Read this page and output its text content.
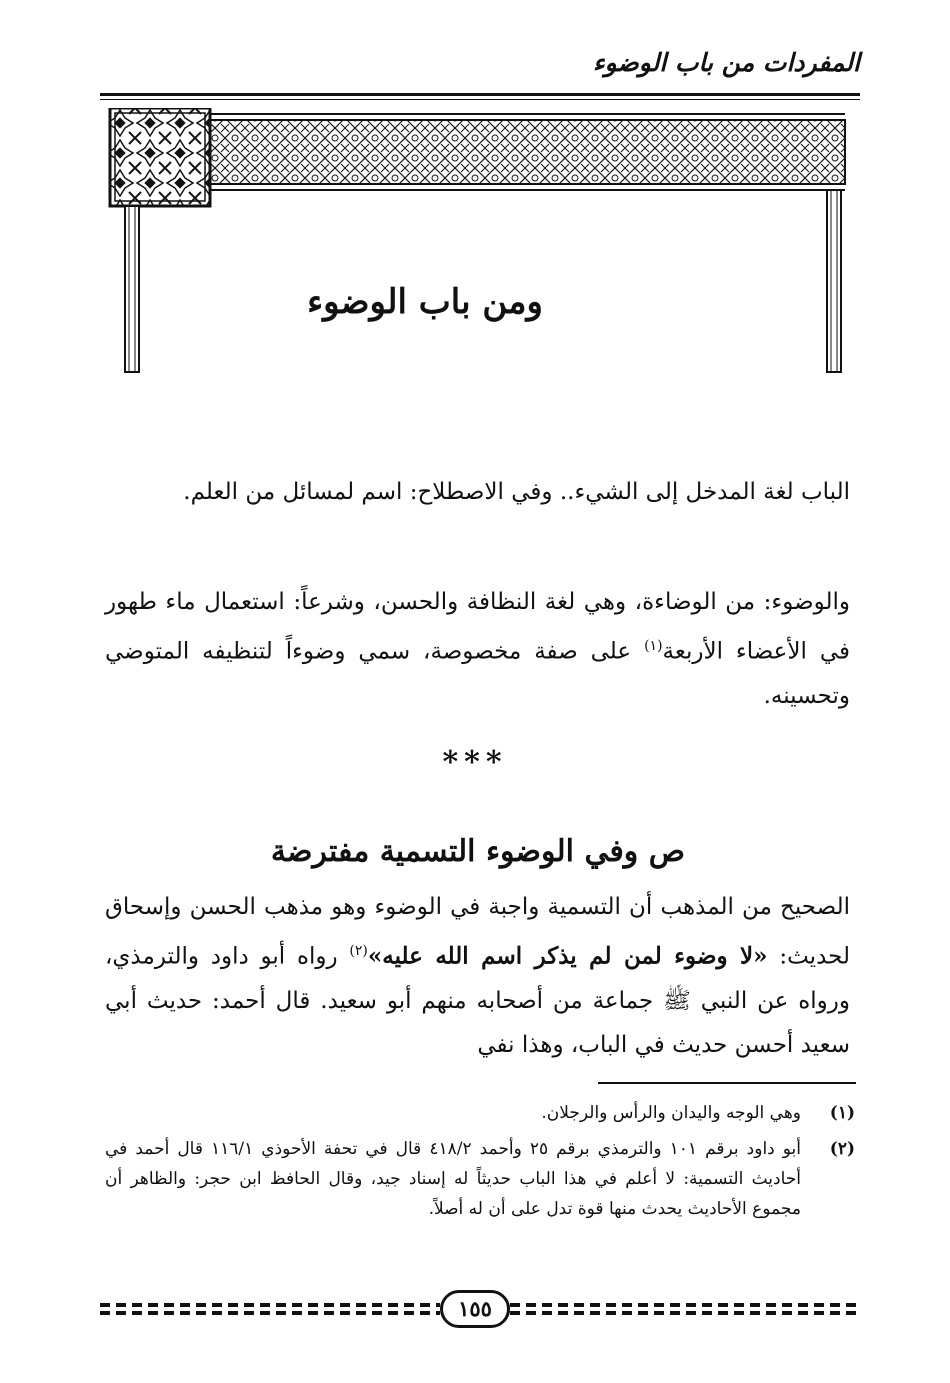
المفردات من باب الوضوء
ومن باب الوضوء
الباب لغة المدخل إلى الشيء.. وفي الاصطلاح: اسم لمسائل من العلم.
والوضوء: من الوضاءة، وهي لغة النظافة والحسن، وشرعاً: استعمال ماء طهور في الأعضاء الأربعة$^{(١)}$ على صفة مخصوصة، سمي وضوءاً لتنظيفه المتوضي وتحسينه.
***
ص وفي الوضوء التسمية مفترضة
الصحيح من المذهب أن التسمية واجبة في الوضوء وهو مذهب الحسن وإسحاق لحديث: «لا وضوء لمن لم يذكر اسم الله عليه»$^{(٢)}$ رواه أبو داود والترمذي، ورواه عن النبي ﷺ جماعة من أصحابه منهم أبو سعيد. قال أحمد: حديث أبي سعيد أحسن حديث في الباب، وهذا نفي
(١)
وهي الوجه واليدان والرأس والرجلان.
(٢)
أبو داود برقم ١٠١ والترمذي برقم ٢٥ وأحمد ٤١٨/٢ قال في تحفة الأحوذي ١١٦/١ قال أحمد في أحاديث التسمية: لا أعلم في هذا الباب حديثاً له إسناد جيد، وقال الحافظ ابن حجر: والظاهر أن مجموع الأحاديث يحدث منها قوة تدل على أن له أصلاً.
١٥٥
